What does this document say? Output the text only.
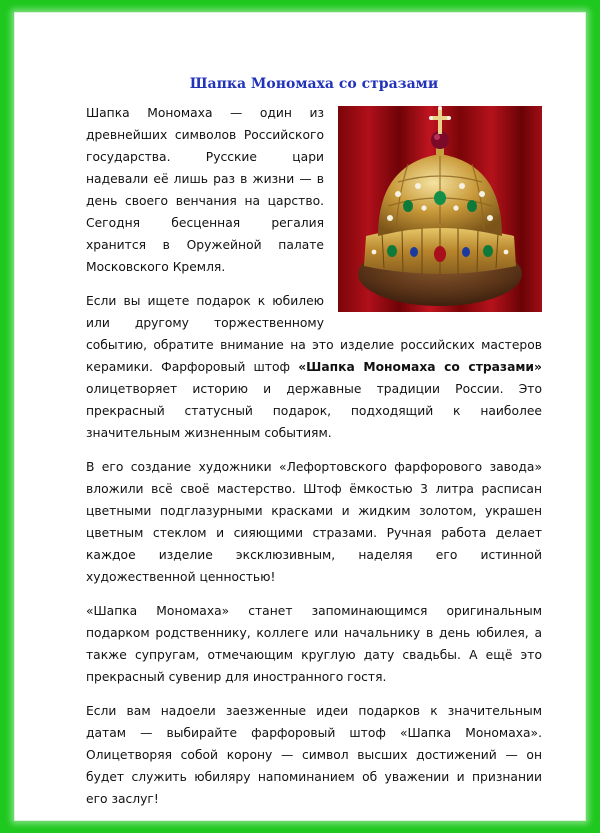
Шапка Мономаха со стразами

Шапка Мономаха — один из древнейших символов Российского государства. Русские цари надевали её лишь раз в жизни — в день своего венчания на царство. Сегодня бесценная регалия хранится в Оружейной палате Московского Кремля.

Если вы ищете подарок к юбилею или другому торжественному событию, обратите внимание на это изделие российских мастеров керамики. Фарфоровый штоф «Шапка Мономаха со стразами» олицетворяет историю и державные традиции России. Это прекрасный статусный подарок, подходящий к наиболее значительным жизненным событиям.

В его создание художники «Лефортовского фарфорового завода» вложили всё своё мастерство. Штоф ёмкостью 3 литра расписан цветными подглазурными красками и жидким золотом, украшен цветным стеклом и сияющими стразами. Ручная работа делает каждое изделие эксклюзивным, наделяя его истинной художественной ценностью!

«Шапка Мономаха» станет запоминающимся оригинальным подарком родственнику, коллеге или начальнику в день юбилея, а также супругам, отмечающим круглую дату свадьбы. А ещё это прекрасный сувенир для иностранного гостя.

Если вам надоели заезженные идеи подарков к значительным датам — выбирайте фарфоровый штоф «Шапка Мономаха». Олицетворяя собой корону — символ высших достижений — он будет служить юбиляру напоминанием об уважении и признании его заслуг!
